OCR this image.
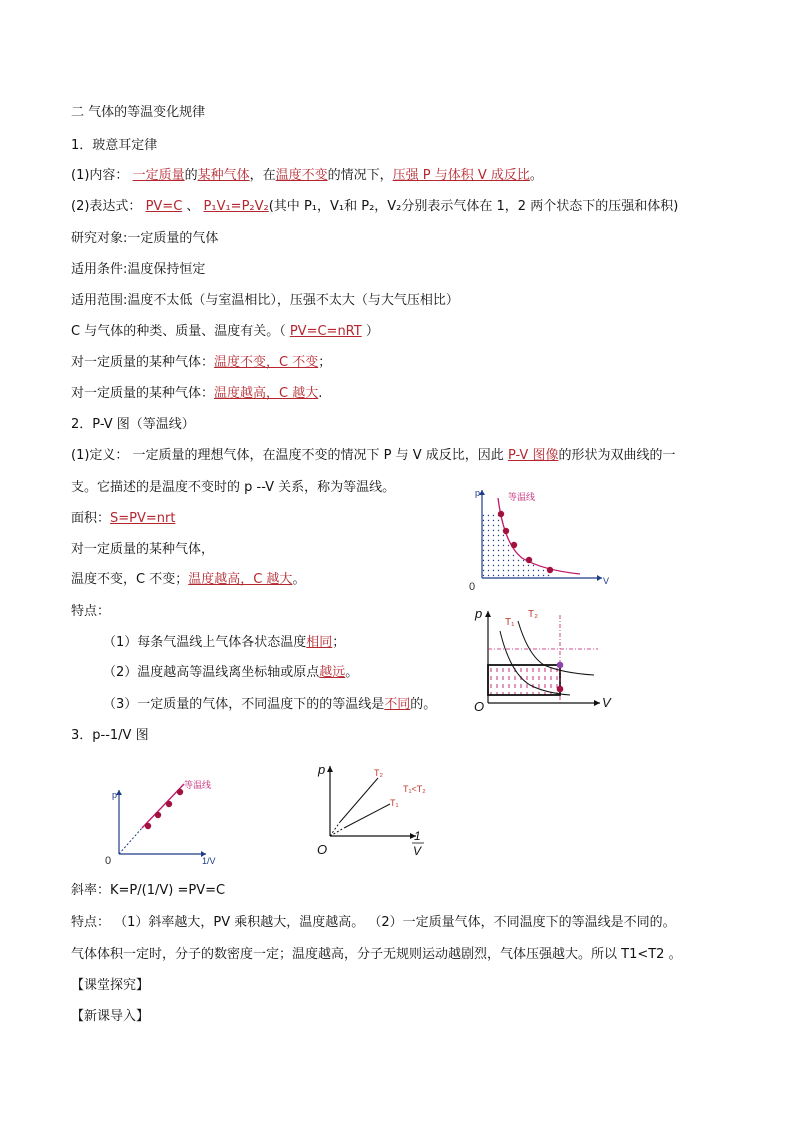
二 气体的等温变化规律
1．玻意耳定律
(1)内容： 一定质量的某种气体，在温度不变的情况下，压强 P 与体积 V 成反比。
(2)表达式： PV=C 、 P₁V₁=P₂V₂(其中 P₁，V₁和 P₂，V₂分别表示气体在 1，2 两个状态下的压强和体积)
研究对象:一定质量的气体
适用条件:温度保持恒定
适用范围:温度不太低（与室温相比），压强不太大（与大气压相比）
C 与气体的种类、质量、温度有关。（ PV=C=nRT ）
对一定质量的某种气体：温度不变，C 不变；
对一定质量的某种气体：温度越高，C 越大.
2．P-V 图（等温线）
(1)定义： 一定质量的理想气体，在温度不变的情况下 P 与 V 成反比，因此 P-V 图像的形状为双曲线的一
支。它描述的是温度不变时的 p --V 关系，称为等温线。
面积：S=PV=nrt
对一定质量的某种气体，
温度不变，C 不变；温度越高，C 越大。
特点：
（1）每条气温线上气体各状态温度相同；
（2）温度越高等温线离坐标轴或原点越远。
（3）一定质量的气体，不同温度下的的等温线是不同的。
3．p--1/V 图
斜率：K=P/(1/V) =PV=C
特点： （1）斜率越大，PV 乘积越大，温度越高。 （2）一定质量气体，不同温度下的等温线是不同的。
气体体积一定时，分子的数密度一定；温度越高，分子无规则运动越剧烈，气体压强越大。所以 T1<T2 。
【课堂探究】
【新课导入】
p
V
0
等温线
p
V
O
T₁
T₂
p
0	1/V
等温线
p
O
T₂
T₁
T₁<T₂
1
V
